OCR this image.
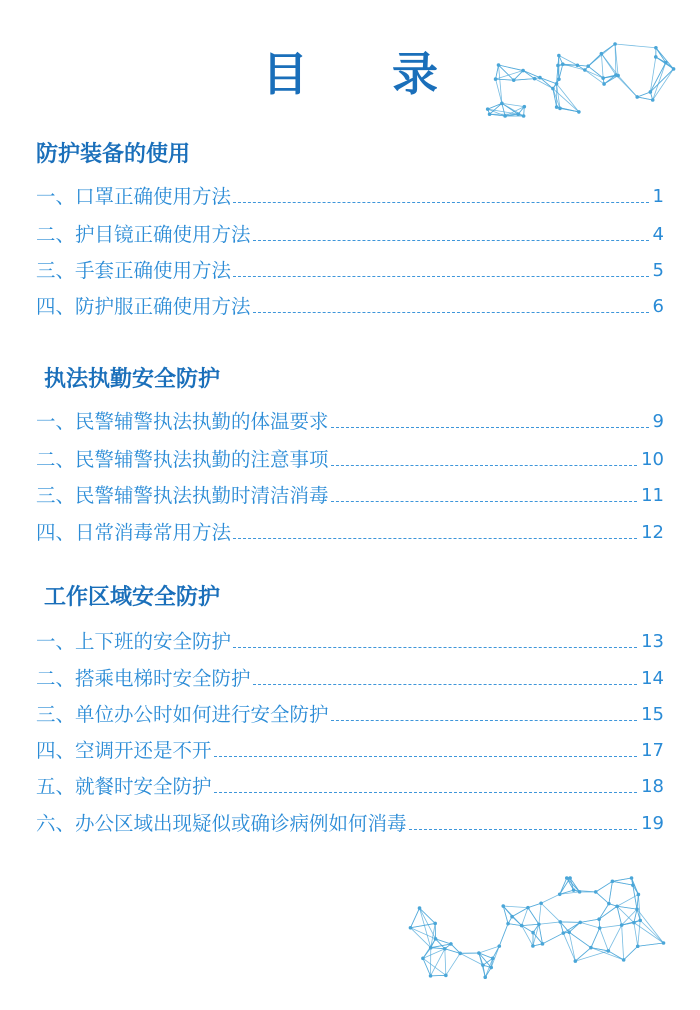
目 录
防护装备的使用
一、口罩正确使用方法	1
二、护目镜正确使用方法	4
三、手套正确使用方法	5
四、防护服正确使用方法	6
执法执勤安全防护
一、民警辅警执法执勤的体温要求	9
二、民警辅警执法执勤的注意事项	10
三、民警辅警执法执勤时清洁消毒	11
四、日常消毒常用方法	12
工作区域安全防护
一、上下班的安全防护	13
二、搭乘电梯时安全防护	14
三、单位办公时如何进行安全防护	15
四、空调开还是不开	17
五、就餐时安全防护	18
六、办公区域出现疑似或确诊病例如何消毒	19
